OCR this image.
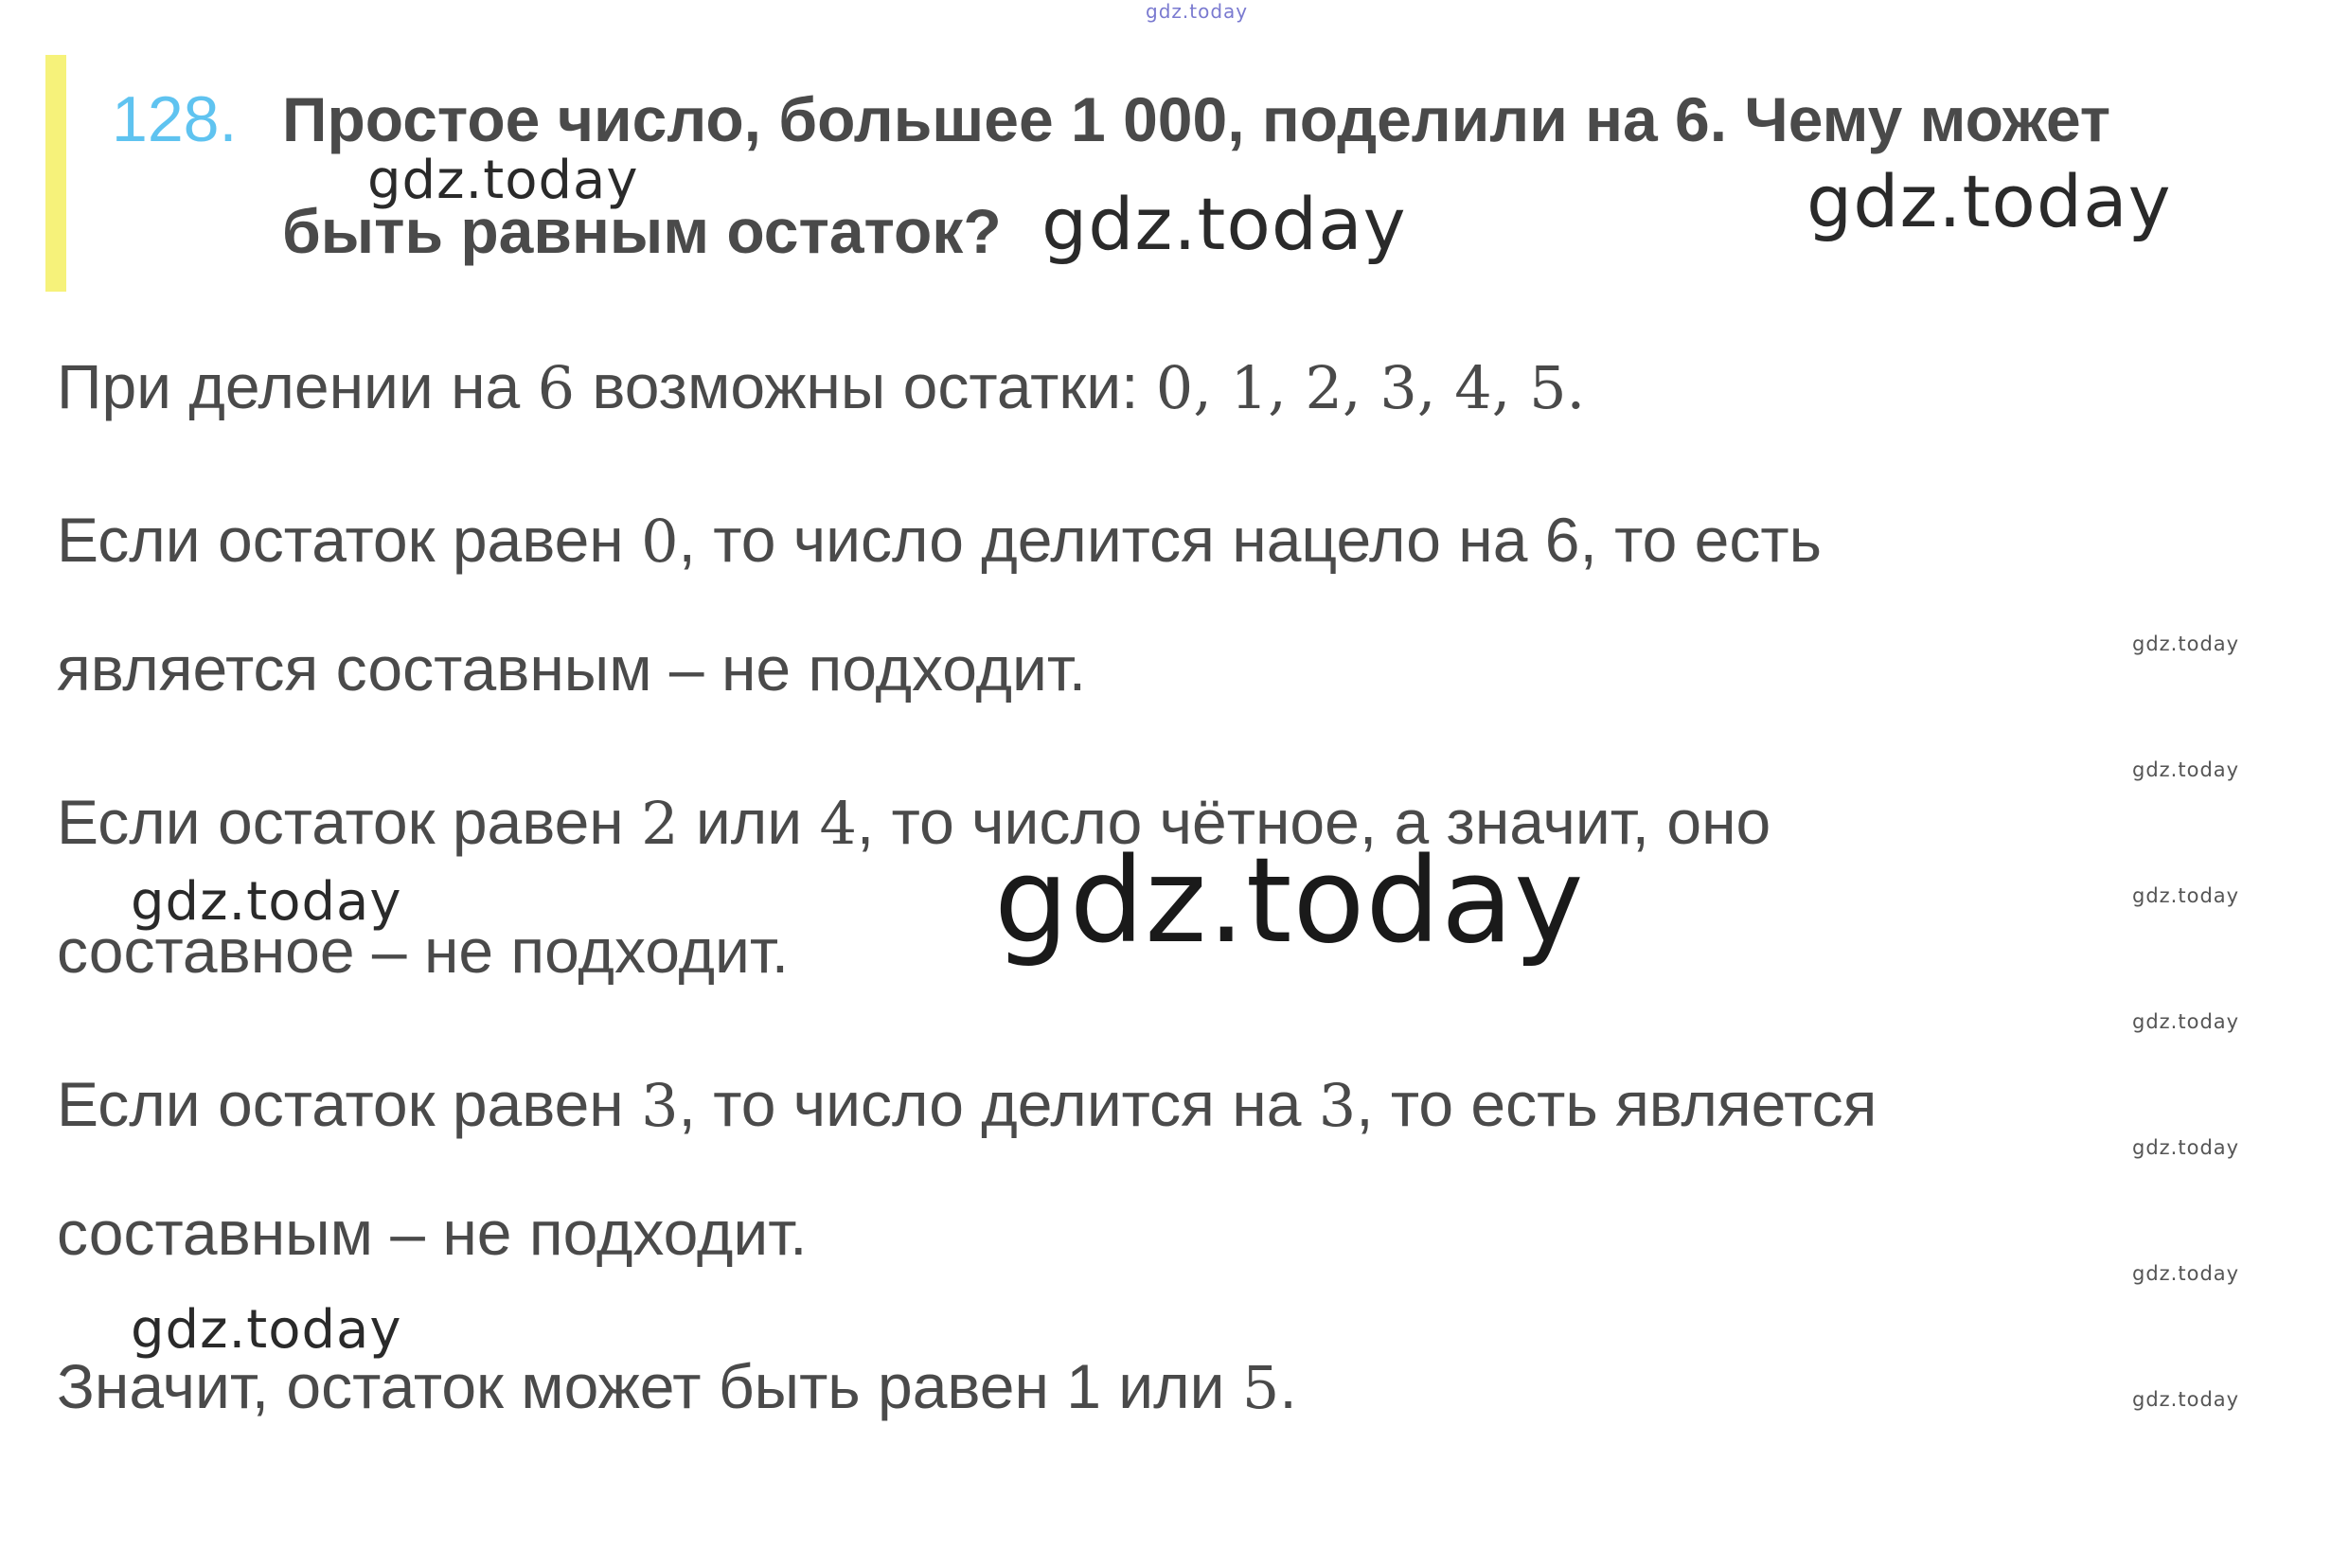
128. Простое число, большее 1 000, поделили на 6. Чему может
быть равным остаток?
При делении на 6 возможны остатки: 0, 1, 2, 3, 4, 5.
Если остаток равен 0, то число делится нацело на 6, то есть
является составным – не подходит.
Если остаток равен 2 или 4, то число чётное, а значит, оно
составное – не подходит.
Если остаток равен 3, то число делится на 3, то есть является
составным – не подходит.
Значит, остаток может быть равен 1 или 5.
gdz.today
gdz.today
gdz.today	gdz.today
gdz.today	gdz.today
gdz.today
gdz.today
gdz.today
gdz.today
gdz.today
gdz.today
gdz.today
gdz.today
